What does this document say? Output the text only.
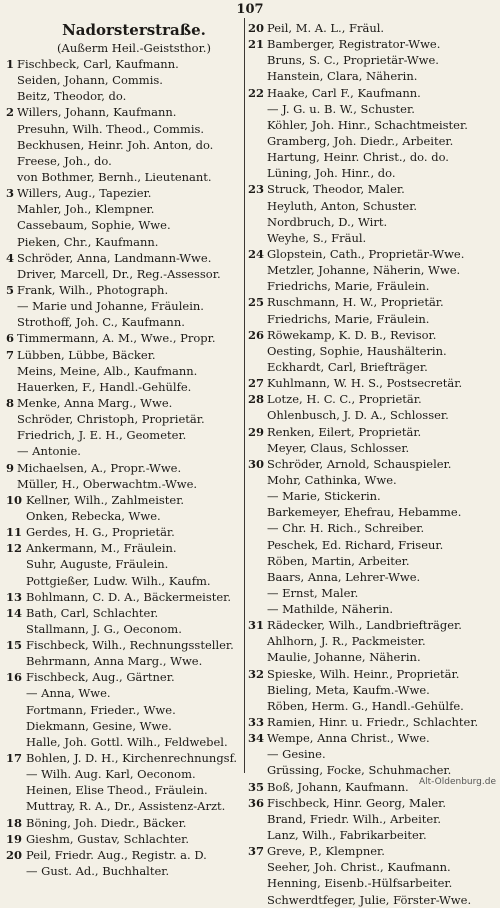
107
Nadorsterstraße.
(Außerm Heil.-Geiststhor.)
1 Fischbeck, Carl, Kaufmann.
Seiden, Johann, Commis.
Beitz, Theodor, do.
2 Willers, Johann, Kaufmann.
Presuhn, Wilh. Theod., Commis.
Beckhusen, Heinr. Joh. Anton, do.
Freese, Joh., do.
von Bothmer, Bernh., Lieutenant.
3 Willers, Aug., Tapezier.
Mahler, Joh., Klempner.
Cassebaum, Sophie, Wwe.
Pieken, Chr., Kaufmann.
4 Schröder, Anna, Landmann-Wwe.
Driver, Marcell, Dr., Reg.-Assessor.
5 Frank, Wilh., Photograph.
— Marie und Johanne, Fräulein.
Strothoff, Joh. C., Kaufmann.
6 Timmermann, A. M., Wwe., Propr.
7 Lübben, Lübbe, Bäcker.
Meins, Meine, Alb., Kaufmann.
Hauerken, F., Handl.-Gehülfe.
8 Menke, Anna Marg., Wwe.
Schröder, Christoph, Proprietär.
Friedrich, J. E. H., Geometer.
— Antonie.
9 Michaelsen, A., Propr.-Wwe.
Müller, H., Oberwachtm.-Wwe.
10 Kellner, Wilh., Zahlmeister.
Onken, Rebecka, Wwe.
11 Gerdes, H. G., Proprietär.
12 Ankermann, M., Fräulein.
Suhr, Auguste, Fräulein.
Pottgießer, Ludw. Wilh., Kaufm.
13 Bohlmann, C. D. A., Bäckermeister.
14 Bath, Carl, Schlachter.
Stallmann, J. G., Oeconom.
15 Fischbeck, Wilh., Rechnungssteller.
Behrmann, Anna Marg., Wwe.
16 Fischbeck, Aug., Gärtner.
— Anna, Wwe.
Fortmann, Frieder., Wwe.
Diekmann, Gesine, Wwe.
Halle, Joh. Gottl. Wilh., Feldwebel.
17 Bohlen, J. D. H., Kirchenrechnungsf.
— Wilh. Aug. Karl, Oeconom.
Heinen, Elise Theod., Fräulein.
Muttray, R. A., Dr., Assistenz-Arzt.
18 Böning, Joh. Diedr., Bäcker.
19 Gieshm, Gustav, Schlachter.
20 Peil, Friedr. Aug., Registr. a. D.
— Gust. Ad., Buchhalter.
20 Peil, M. A. L., Fräul.
21 Bamberger, Registrator-Wwe.
Bruns, S. C., Proprietär-Wwe.
Hanstein, Clara, Näherin.
22 Haake, Carl F., Kaufmann.
— J. G. u. B. W., Schuster.
Köhler, Joh. Hinr., Schachtmeister.
Gramberg, Joh. Diedr., Arbeiter.
Hartung, Heinr. Christ., do. do.
Lüning, Joh. Hinr., do.
23 Struck, Theodor, Maler.
Heyluth, Anton, Schuster.
Nordbruch, D., Wirt.
Weyhe, S., Fräul.
24 Glopstein, Cath., Proprietär-Wwe.
Metzler, Johanne, Näherin, Wwe.
Friedrichs, Marie, Fräulein.
25 Ruschmann, H. W., Proprietär.
Friedrichs, Marie, Fräulein.
26 Röwekamp, K. D. B., Revisor.
Oesting, Sophie, Haushälterin.
Eckhardt, Carl, Briefträger.
27 Kuhlmann, W. H. S., Postsecretär.
28 Lotze, H. C. C., Proprietär.
Ohlenbusch, J. D. A., Schlosser.
29 Renken, Eilert, Proprietär.
Meyer, Claus, Schlosser.
30 Schröder, Arnold, Schauspieler.
Mohr, Cathinka, Wwe.
— Marie, Stickerin.
Barkemeyer, Ehefrau, Hebamme.
— Chr. H. Rich., Schreiber.
Peschek, Ed. Richard, Friseur.
Röben, Martin, Arbeiter.
Baars, Anna, Lehrer-Wwe.
— Ernst, Maler.
— Mathilde, Näherin.
31 Rädecker, Wilh., Landbriefträger.
Ahlhorn, J. R., Packmeister.
Maulie, Johanne, Näherin.
32 Spieske, Wilh. Heinr., Proprietär.
Bieling, Meta, Kaufm.-Wwe.
Röben, Herm. G., Handl.-Gehülfe.
33 Ramien, Hinr. u. Friedr., Schlachter.
34 Wempe, Anna Christ., Wwe.
— Gesine.
Grüssing, Focke, Schuhmacher.
35 Boß, Johann, Kaufmann.
36 Fischbeck, Hinr. Georg, Maler.
Brand, Friedr. Wilh., Arbeiter.
Lanz, Wilh., Fabrikarbeiter.
37 Greve, P., Klempner.
Seeher, Joh. Christ., Kaufmann.
Henning, Eisenb.-Hülfsarbeiter.
Schwerdtfeger, Julie, Förster-Wwe.
Alt-Oldenburg.de
